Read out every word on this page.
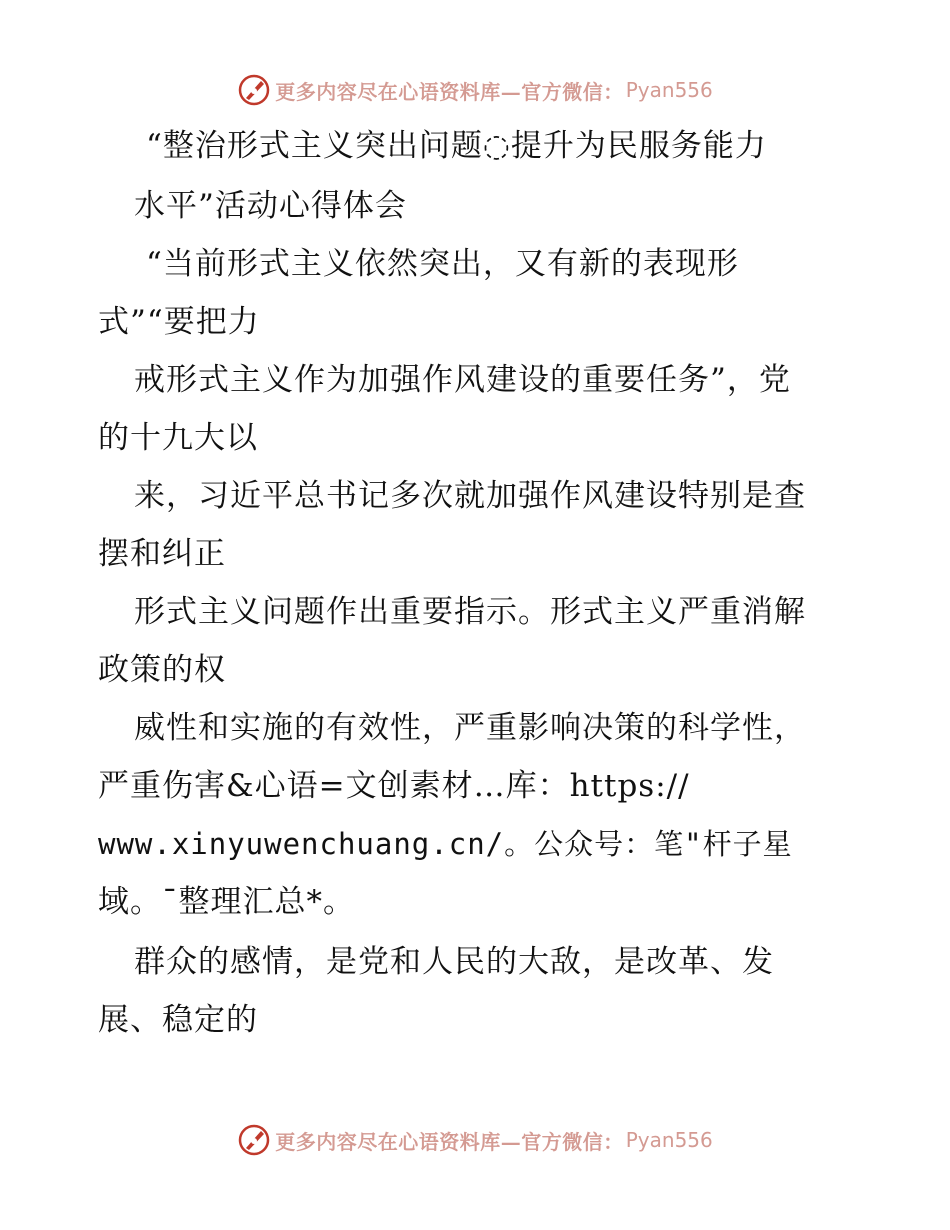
更多内容尽在心语资料库—官方微信： Pyan556
“整治形式主义突出问题◌提升为民服务能力
水平”活动心得体会
“当前形式主义依然突出，又有新的表现形
式”“要把力
戒形式主义作为加强作风建设的重要任务”，党
的十九大以
来，习近平总书记多次就加强作风建设特别是查
摆和纠正
形式主义问题作出重要指示。形式主义严重消解
政策的权
威性和实施的有效性，严重影响决策的科学性，
严重伤害&心语=文创素材…库：https://
www.xinyuwenchuang.cn/。公众号：笔"杆子星
域。¯整理汇总*。
群众的感情，是党和人民的大敌，是改革、发
展、稳定的
更多内容尽在心语资料库—官方微信： Pyan556
